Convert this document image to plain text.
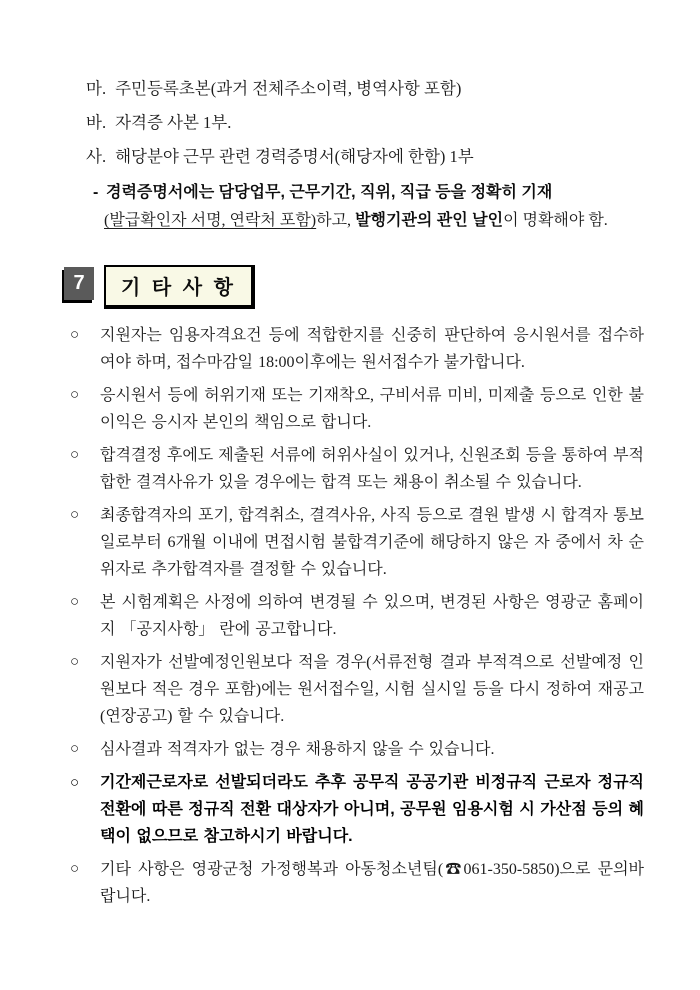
마. 주민등록초본(과거 전체주소이력, 병역사항 포함)
바. 자격증 사본 1부.
사. 해당분야 근무 관련 경력증명서(해당자에 한함) 1부
- 경력증명서에는 담당업무, 근무기간, 직위, 직급 등을 정확히 기재
(발급확인자 서명, 연락처 포함)하고, 발행기관의 관인 날인이 명확해야 함.
7	기 타 사 항
○ 지원자는 임용자격요건 등에 적합한지를 신중히 판단하여 응시원서를 접수하여야 하며, 접수마감일 18:00이후에는 원서접수가 불가합니다.
○ 응시원서 등에 허위기재 또는 기재착오, 구비서류 미비, 미제출 등으로 인한 불이익은 응시자 본인의 책임으로 합니다.
○ 합격결정 후에도 제출된 서류에 허위사실이 있거나, 신원조회 등을 통하여 부적합한 결격사유가 있을 경우에는 합격 또는 채용이 취소될 수 있습니다.
○ 최종합격자의 포기, 합격취소, 결격사유, 사직 등으로 결원 발생 시 합격자 통보일로부터 6개월 이내에 면접시험 불합격기준에 해당하지 않은 자 중에서 차 순위자로 추가합격자를 결정할 수 있습니다.
○ 본 시험계획은 사정에 의하여 변경될 수 있으며, 변경된 사항은 영광군 홈페이지 「공지사항」 란에 공고합니다.
○ 지원자가 선발예정인원보다 적을 경우(서류전형 결과 부적격으로 선발예정 인원보다 적은 경우 포함)에는 원서접수일, 시험 실시일 등을 다시 정하여 재공고(연장공고) 할 수 있습니다.
○ 심사결과 적격자가 없는 경우 채용하지 않을 수 있습니다.
○ 기간제근로자로 선발되더라도 추후 공무직 공공기관 비정규직 근로자 정규직 전환에 따른 정규직 전환 대상자가 아니며, 공무원 임용시험 시 가산점 등의 혜택이 없으므로 참고하시기 바랍니다.
○ 기타 사항은 영광군청 가정행복과 아동청소년팀(☎061-350-5850)으로 문의바랍니다.
